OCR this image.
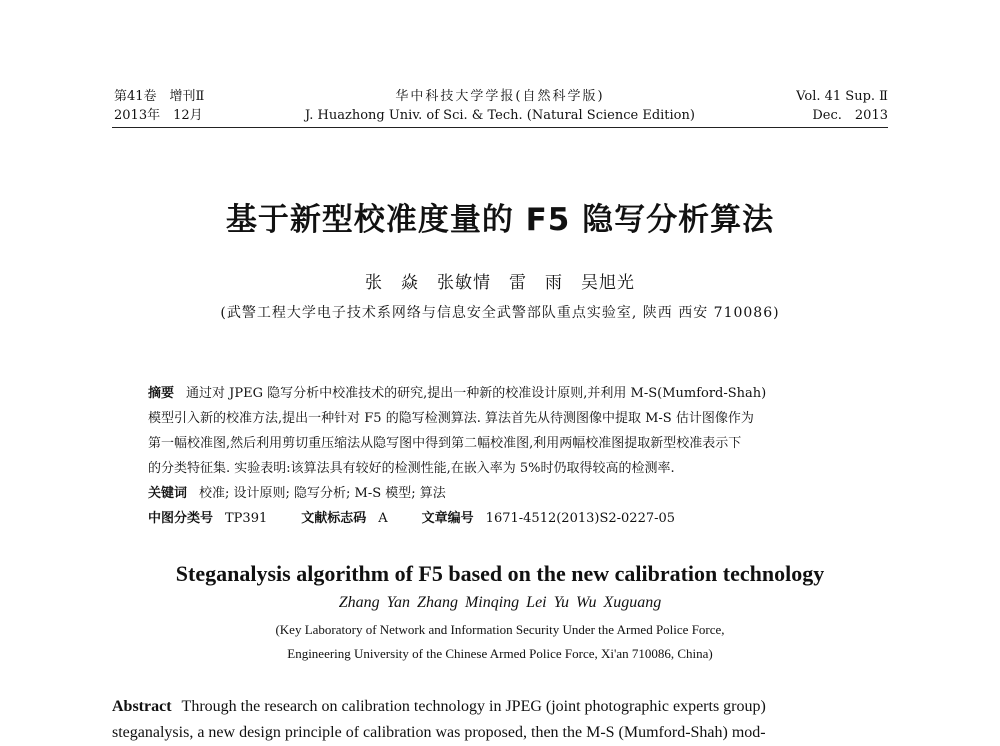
第41卷　增刊Ⅱ
2013年　12月
华中科技大学学报(自然科学版)
J. Huazhong Univ. of Sci. & Tech. (Natural Science Edition)
Vol. 41 Sup. Ⅱ
Dec.　2013
基于新型校准度量的 F5 隐写分析算法
张　焱　张敏情　雷　雨　吴旭光
(武警工程大学电子技术系网络与信息安全武警部队重点实验室, 陕西 西安 710086)
摘要 通过对 JPEG 隐写分析中校准技术的研究,提出一种新的校准设计原则,并利用 M-S(Mumford-Shah)
模型引入新的校准方法,提出一种针对 F5 的隐写检测算法. 算法首先从待测图像中提取 M-S 估计图像作为
第一幅校准图,然后利用剪切重压缩法从隐写图中得到第二幅校准图,利用两幅校准图提取新型校准表示下
的分类特征集. 实验表明:该算法具有较好的检测性能,在嵌入率为 5%时仍取得较高的检测率.
关键词 校准; 设计原则; 隐写分析; M-S 模型; 算法
中图分类号 TP391	文献标志码 A	文章编号 1671-4512(2013)S2-0227-05
Steganalysis algorithm of F5 based on the new calibration technology
Zhang Yan Zhang Minqing Lei Yu Wu Xuguang
(Key Laboratory of Network and Information Security Under the Armed Police Force,
Engineering University of the Chinese Armed Police Force, Xi'an 710086, China)
Abstract Through the research on calibration technology in JPEG (joint photographic experts group)
steganalysis, a new design principle of calibration was proposed, then the M-S (Mumford-Shah) mod-
